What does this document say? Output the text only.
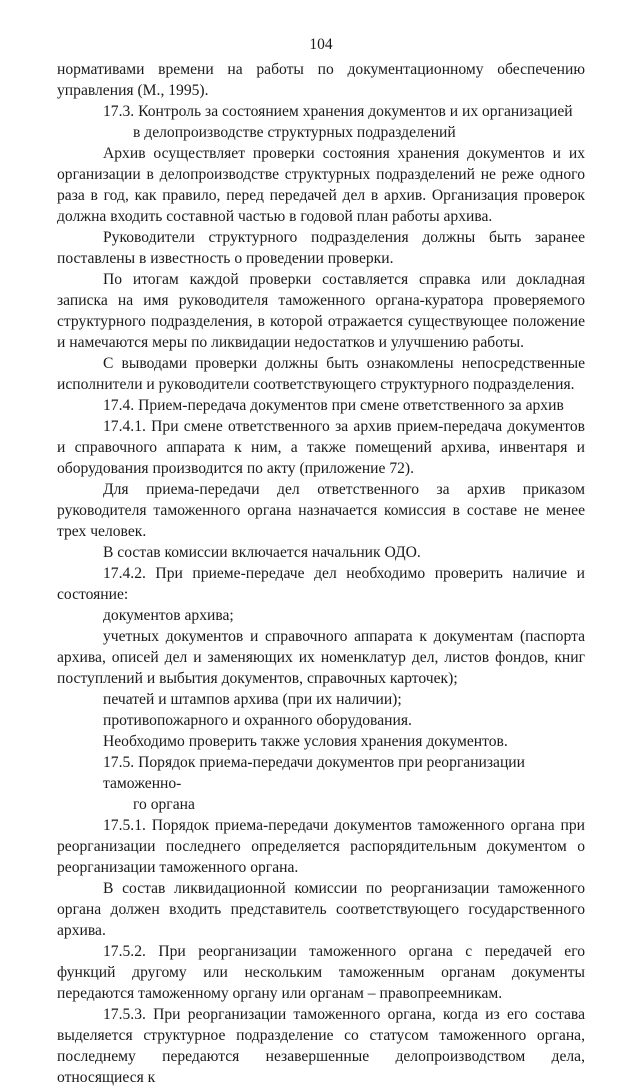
104

нормативами времени на работы по документационному обеспечению управления (М., 1995).

17.3. Контроль за состоянием хранения документов и их организацией
в делопроизводстве структурных подразделений

Архив осуществляет проверки состояния хранения документов и их организации в делопроизводстве структурных подразделений не реже одного раза в год, как правило, перед передачей дел в архив. Организация проверок должна входить составной частью в годовой план работы архива.

Руководители структурного подразделения должны быть заранее поставлены в известность о проведении проверки.

По итогам каждой проверки составляется справка или докладная записка на имя руководителя таможенного органа-куратора проверяемого структурного подразделения, в которой отражается существующее положение и намечаются меры по ликвидации недостатков и улучшению работы.

С выводами проверки должны быть ознакомлены непосредственные исполнители и руководители соответствующего структурного подразделения.

17.4. Прием-передача документов при смене ответственного за архив

17.4.1. При смене ответственного за архив прием-передача документов и справочного аппарата к ним, а также помещений архива, инвентаря и оборудования производится по акту (приложение 72).

Для приема-передачи дел ответственного за архив приказом руководителя таможенного органа назначается комиссия в составе не менее трех человек.

В состав комиссии включается начальник ОДО.

17.4.2. При приеме-передаче дел необходимо проверить наличие и состояние:

документов архива;

учетных документов и справочного аппарата к документам (паспорта архива, описей дел и заменяющих их номенклатур дел, листов фондов, книг поступлений и выбытия документов, справочных карточек);

печатей и штампов архива (при их наличии);

противопожарного и охранного оборудования.

Необходимо проверить также условия хранения документов.

17.5. Порядок приема-передачи документов при реорганизации таможенно-
го органа

17.5.1. Порядок приема-передачи документов таможенного органа при реорганизации последнего определяется распорядительным документом о реорганизации таможенного органа.

В состав ликвидационной комиссии по реорганизации таможенного органа должен входить представитель соответствующего государственного архива.

17.5.2. При реорганизации таможенного органа с передачей его функций другому или нескольким таможенным органам документы передаются таможенному органу или органам – правопреемникам.

17.5.3. При реорганизации таможенного органа, когда из его состава выделяется структурное подразделение со статусом таможенного органа, последнему передаются незавершенные делопроизводством дела, относящиеся к
